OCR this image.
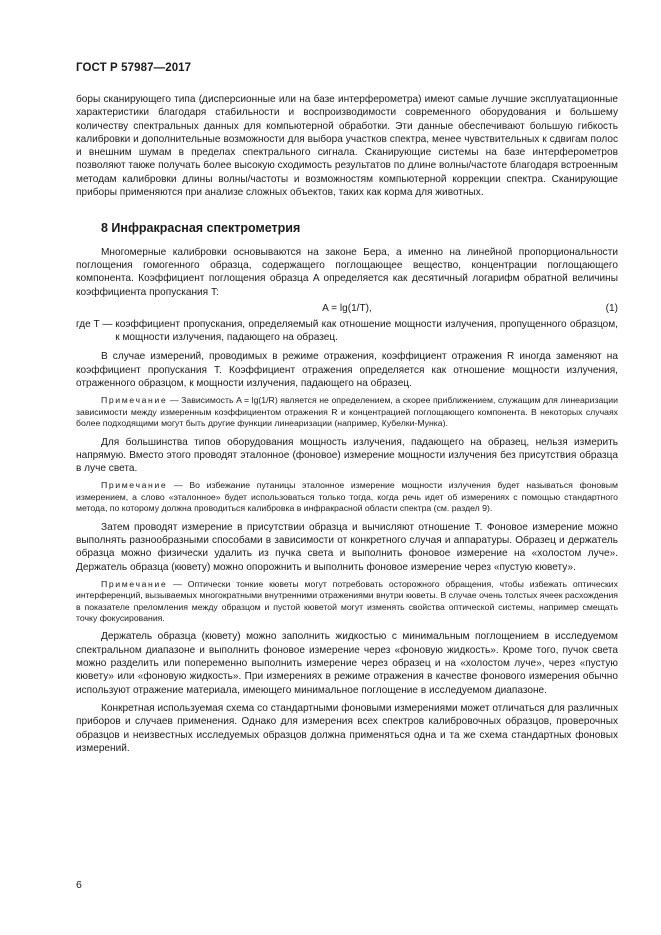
ГОСТ Р 57987—2017

боры сканирующего типа (дисперсионные или на базе интерферометра) имеют самые лучшие эксплуатационные характеристики благодаря стабильности и воспроизводимости современного оборудования и большему количеству спектральных данных для компьютерной обработки. Эти данные обеспечивают большую гибкость калибровки и дополнительные возможности для выбора участков спектра, менее чувствительных к сдвигам полос и внешним шумам в пределах спектрального сигнала. Сканирующие системы на базе интерферометров позволяют также получать более высокую сходимость результатов по длине волны/частоте благодаря встроенным методам калибровки длины волны/частоты и возможностям компьютерной коррекции спектра. Сканирующие приборы применяются при анализе сложных объектов, таких как корма для животных.

8 Инфракрасная спектрометрия

Многомерные калибровки основываются на законе Бера, а именно на линейной пропорциональности поглощения гомогенного образца, содержащего поглощающее вещество, концентрации поглощающего компонента. Коэффициент поглощения образца A определяется как десятичный логарифм обратной величины коэффициента пропускания T:

A = lg(1/T),	(1)
где T — коэффициент пропускания, определяемый как отношение мощности излучения, пропущенного образцом, к мощности излучения, падающего на образец.

В случае измерений, проводимых в режиме отражения, коэффициент отражения R иногда заменяют на коэффициент пропускания T. Коэффициент отражения определяется как отношение мощности излучения, отраженного образцом, к мощности излучения, падающего на образец.

Примечание — Зависимость A = lg(1/R) является не определением, а скорее приближением, служащим для линеаризации зависимости между измеренным коэффициентом отражения R и концентрацией поглощающего компонента. В некоторых случаях более подходящими могут быть другие функции линеаризации (например, Кубелки-Мунка).

Для большинства типов оборудования мощность излучения, падающего на образец, нельзя измерить напрямую. Вместо этого проводят эталонное (фоновое) измерение мощности излучения без присутствия образца в луче света.

Примечание — Во избежание путаницы эталонное измерение мощности излучения будет называться фоновым измерением, а слово «эталонное» будет использоваться только тогда, когда речь идет об измерениях с помощью стандартного метода, по которому должна проводиться калибровка в инфракрасной области спектра (см. раздел 9).

Затем проводят измерение в присутствии образца и вычисляют отношение T. Фоновое измерение можно выполнять разнообразными способами в зависимости от конкретного случая и аппаратуры. Образец и держатель образца можно физически удалить из пучка света и выполнить фоновое измерение на «холостом луче». Держатель образца (кювету) можно опорожнить и выполнить фоновое измерение через «пустую кювету».

Примечание — Оптически тонкие кюветы могут потребовать осторожного обращения, чтобы избежать оптических интерференций, вызываемых многократными внутренними отражениями внутри кюветы. В случае очень толстых ячеек расхождения в показателе преломления между образцом и пустой кюветой могут изменять свойства оптической системы, например смещать точку фокусирования.

Держатель образца (кювету) можно заполнить жидкостью с минимальным поглощением в исследуемом спектральном диапазоне и выполнить фоновое измерение через «фоновую жидкость». Кроме того, пучок света можно разделить или попеременно выполнить измерение через образец и на «холостом луче», через «пустую кювету» или «фоновую жидкость». При измерениях в режиме отражения в качестве фонового измерения обычно используют отражение материала, имеющего минимальное поглощение в исследуемом диапазоне.

Конкретная используемая схема со стандартными фоновыми измерениями может отличаться для различных приборов и случаев применения. Однако для измерения всех спектров калибровочных образцов, проверочных образцов и неизвестных исследуемых образцов должна применяться одна и та же схема стандартных фоновых измерений.

6
